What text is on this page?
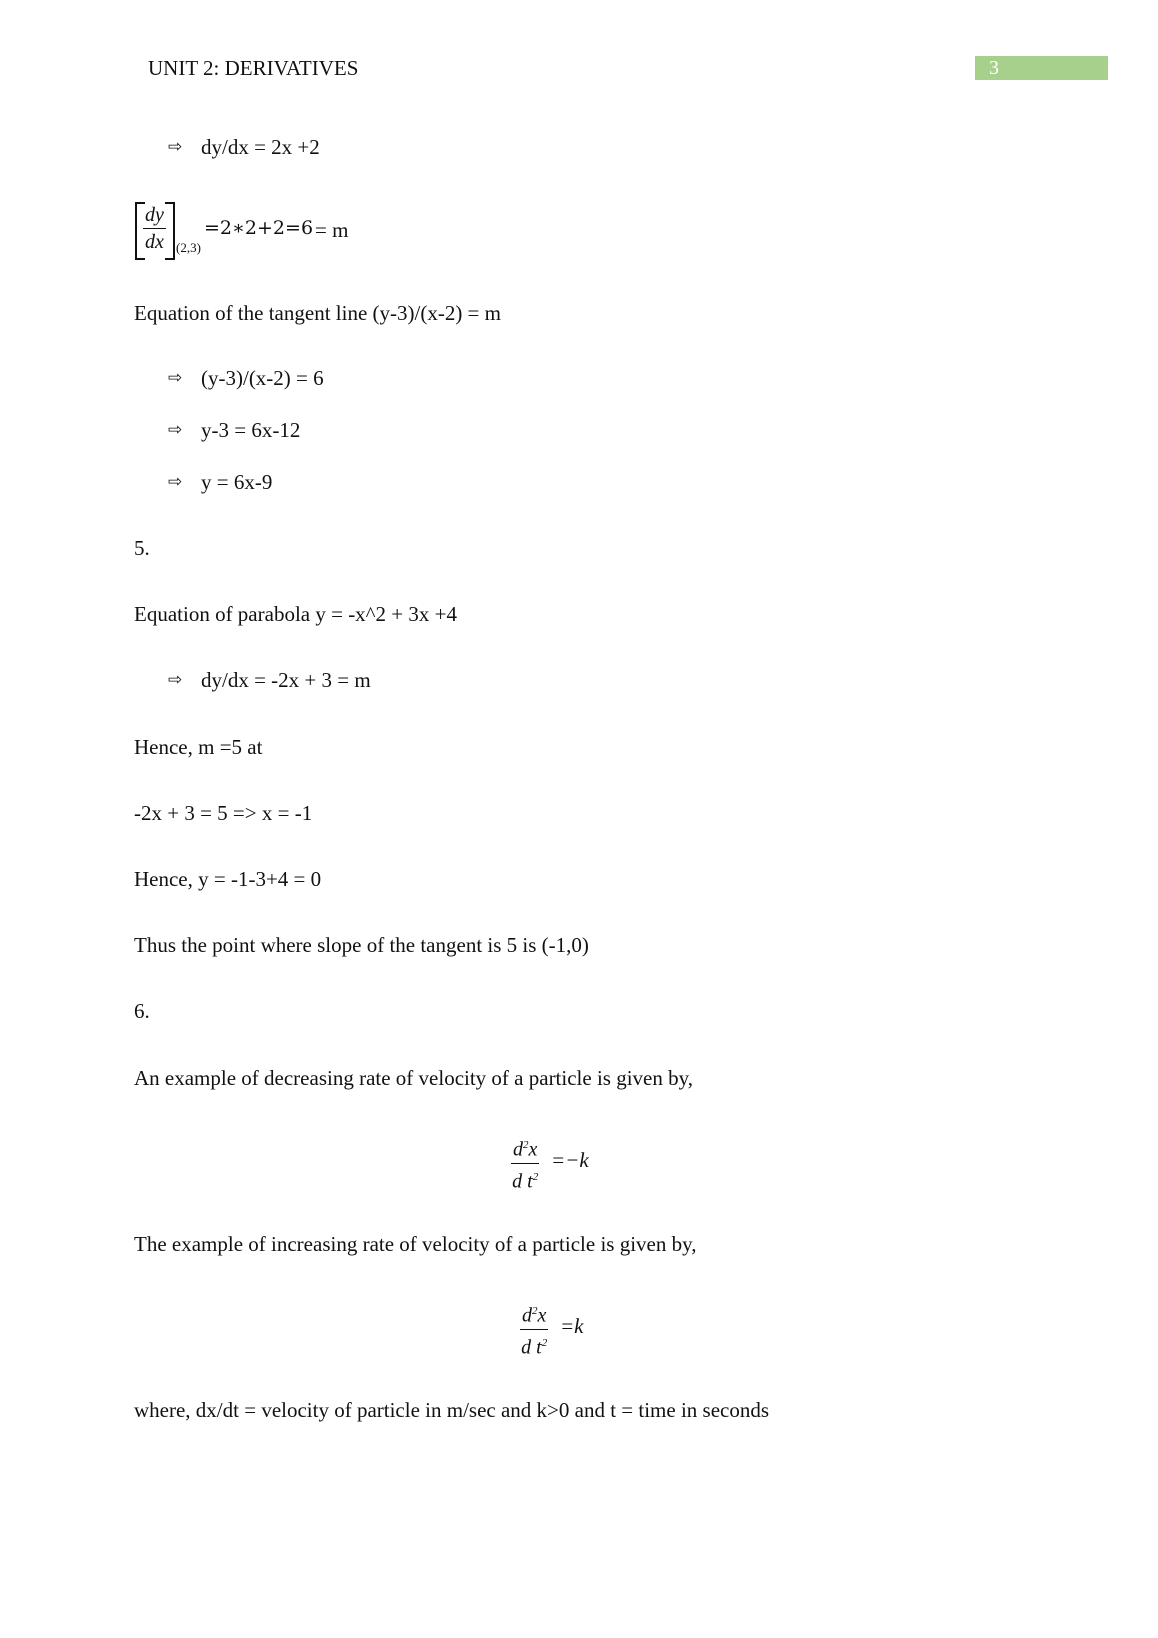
UNIT 2: DERIVATIVES	3
⇨ dy/dx = 2x +2
$\frac{dy}{dx} (2,3)$
=2∗2+2=6 = m
Equation of the tangent line (y-3)/(x-2) = m
⇨ (y-3)/(x-2) = 6
⇨ y-3 = 6x-12
⇨ y = 6x-9
5.
Equation of parabola y = -x^2 + 3x +4
⇨ dy/dx = -2x + 3 = m
Hence, m =5 at
-2x + 3 = 5 => x = -1
Hence, y = -1-3+4 = 0
Thus the point where slope of the tangent is 5 is (-1,0)
6.
An example of decreasing rate of velocity of a particle is given by,
$\frac{d^2x}{d t^2} =-k$
The example of increasing rate of velocity of a particle is given by,
$\frac{d^2x}{d t^2} =k$
where, dx/dt = velocity of particle in m/sec and k>0 and t = time in seconds
